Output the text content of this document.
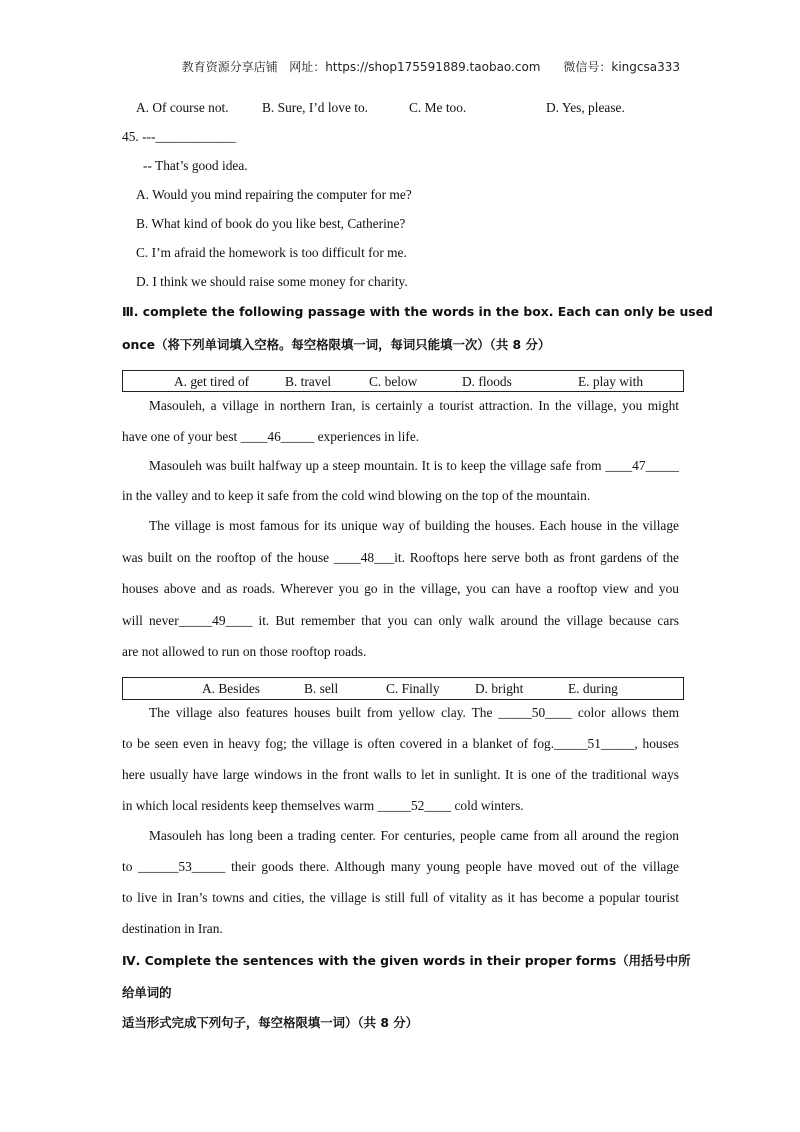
教育资源分享店铺   网址：https://shop175591889.taobao.com      微信号：kingcsa333
A. Of course not. B. Sure, I’d love to.	C. Me too.	D. Yes, please.
45. ---____________
-- That’s good idea.
A. Would you mind repairing the computer for me?
B. What kind of book do you like best, Catherine?
C. I’m afraid the homework is too difficult for me.
D. I think we should raise some money for charity.
Ⅲ. complete the following passage with the words in the box. Each can only be used
once（将下列单词填入空格。每空格限填一词，每词只能填一次）（共 8 分）
A. get tired of	B. travel	C. below	D. floods	E. play with
Masouleh, a village in northern Iran, is certainly a tourist attraction. In the village, you might
have one of your best ____46_____ experiences in life.
Masouleh was built halfway up a steep mountain. It is to keep the village safe from ____47_____
in the valley and to keep it safe from the cold wind blowing on the top of the mountain.
The village is most famous for its unique way of building the houses. Each house in the village
was built on the rooftop of the house ____48___it. Rooftops here serve both as front gardens of the
houses above and as roads. Wherever you go in the village, you can have a rooftop view and you
will never_____49____ it. But remember that you can only walk around the village because cars
are not allowed to run on those rooftop roads.
A. Besides	B. sell	C. Finally	D. bright	E. during
The village also features houses built from yellow clay. The _____50____ color allows them
to be seen even in heavy fog; the village is often covered in a blanket of fog._____51_____, houses
here usually have large windows in the front walls to let in sunlight. It is one of the traditional ways
in which local residents keep themselves warm _____52____ cold winters.
Masouleh has long been a trading center. For centuries, people came from all around the region
to ______53_____ their goods there. Although many young people have moved out of the village
to live in Iran’s towns and cities, the village is still full of vitality as it has become a popular tourist
destination in Iran.
Ⅳ. Complete the sentences with the given words in their proper forms（用括号中所
给单词的
适当形式完成下列句子，每空格限填一词）（共 8 分）
